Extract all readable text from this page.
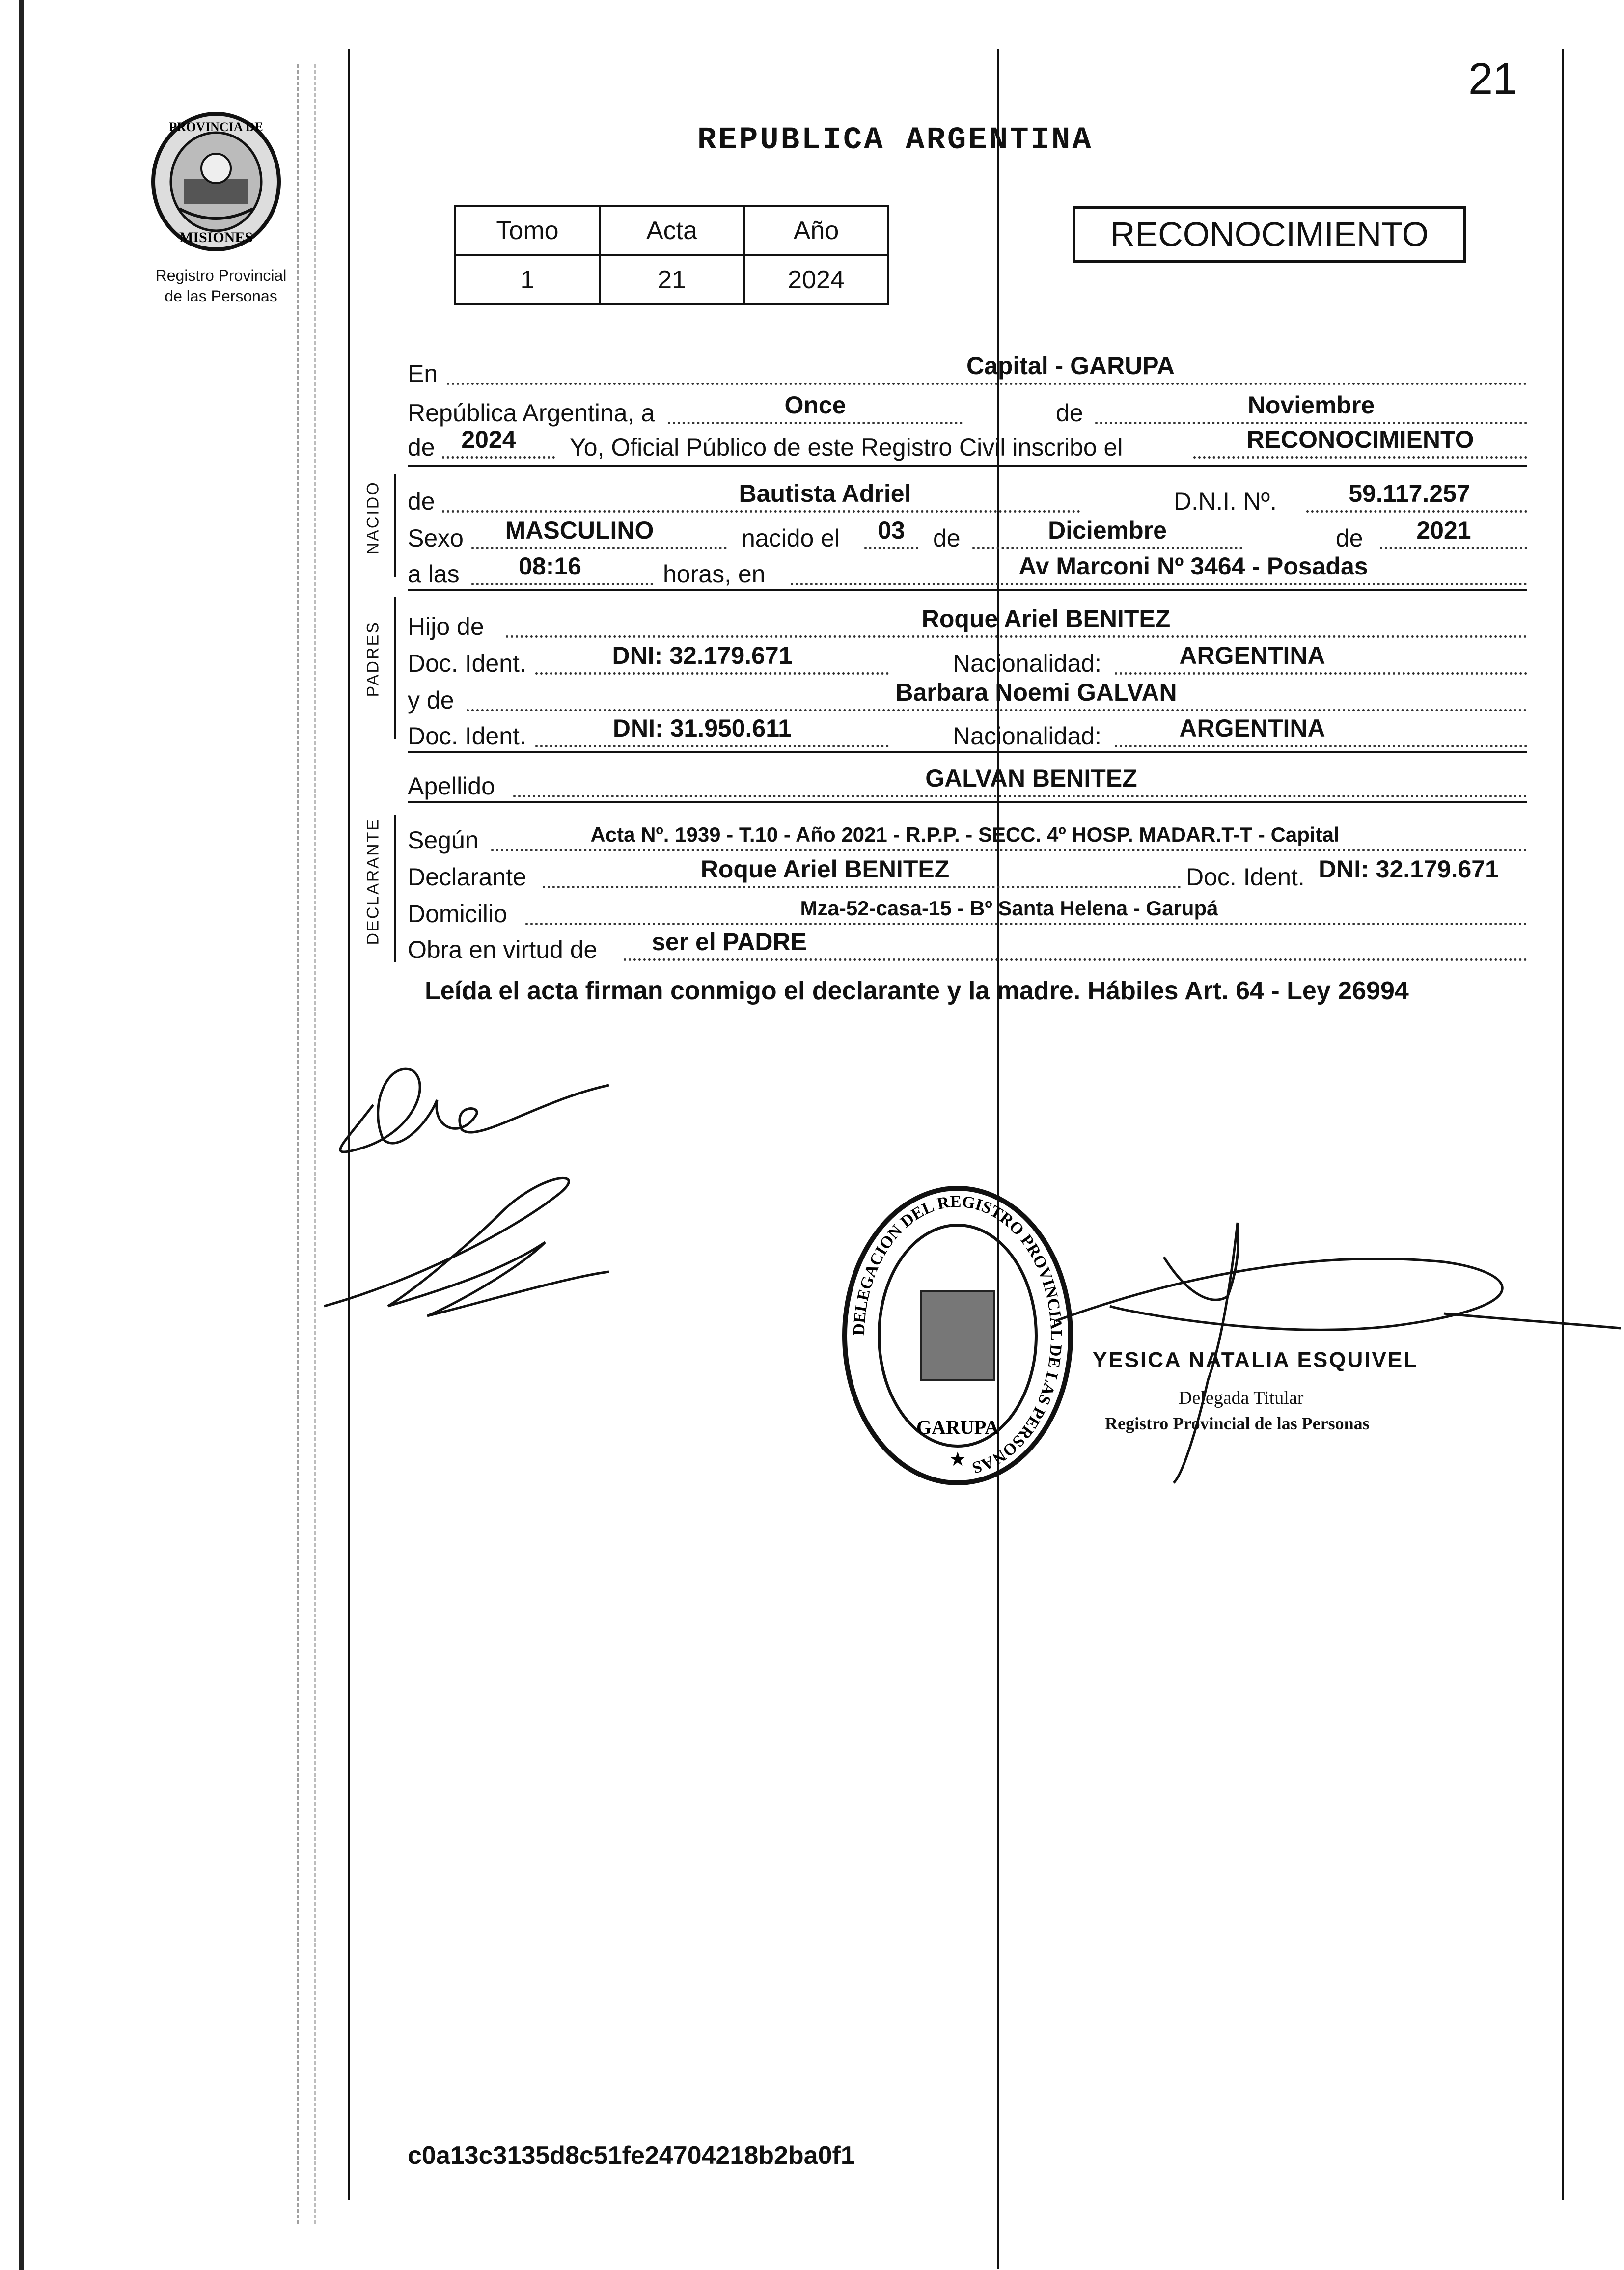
21
REPUBLICA ARGENTINA
PROVINCIA DE
MISIONES
Registro Provincial
de las Personas
Tomo	Acta	Año
1	21	2024
RECONOCIMIENTO
En	Capital - GARUPA
República Argentina, a	Once	de	Noviembre
de	2024	Yo, Oficial Público de este Registro Civil inscribo el	RECONOCIMIENTO
NACIDO de	Bautista Adriel	D.N.I. Nº.	59.117.257
Sexo	MASCULINO	nacido el	03	de	Diciembre	de	2021
a las	08:16	horas, en	Av Marconi Nº 3464 - Posadas
PADRES Hijo de	Roque Ariel BENITEZ
Doc. Ident.	DNI: 32.179.671	Nacionalidad:	ARGENTINA
y de	Barbara Noemi GALVAN
Doc. Ident.	DNI: 31.950.611	Nacionalidad:	ARGENTINA
Apellido	GALVAN BENITEZ
DECLARANTE Según	Acta Nº. 1939 - T.10 - Año 2021 - R.P.P. - SECC. 4º HOSP. MADAR.T-T - Capital
Declarante	Roque Ariel BENITEZ	Doc. Ident. DNI: 32.179.671
Domicilio	Mza-52-casa-15 - Bº Santa Helena - Garupá
Obra en virtud de	ser el PADRE
Leída el acta firman conmigo el declarante y la madre. Hábiles Art. 64 - Ley 26994
DELEGACION DEL REGISTRO PROVINCIAL DE LAS PERSONAS
GARUPA
★
YESICA NATALIA ESQUIVEL
Delegada Titular
Registro Provincial de las Personas
c0a13c3135d8c51fe24704218b2ba0f1
